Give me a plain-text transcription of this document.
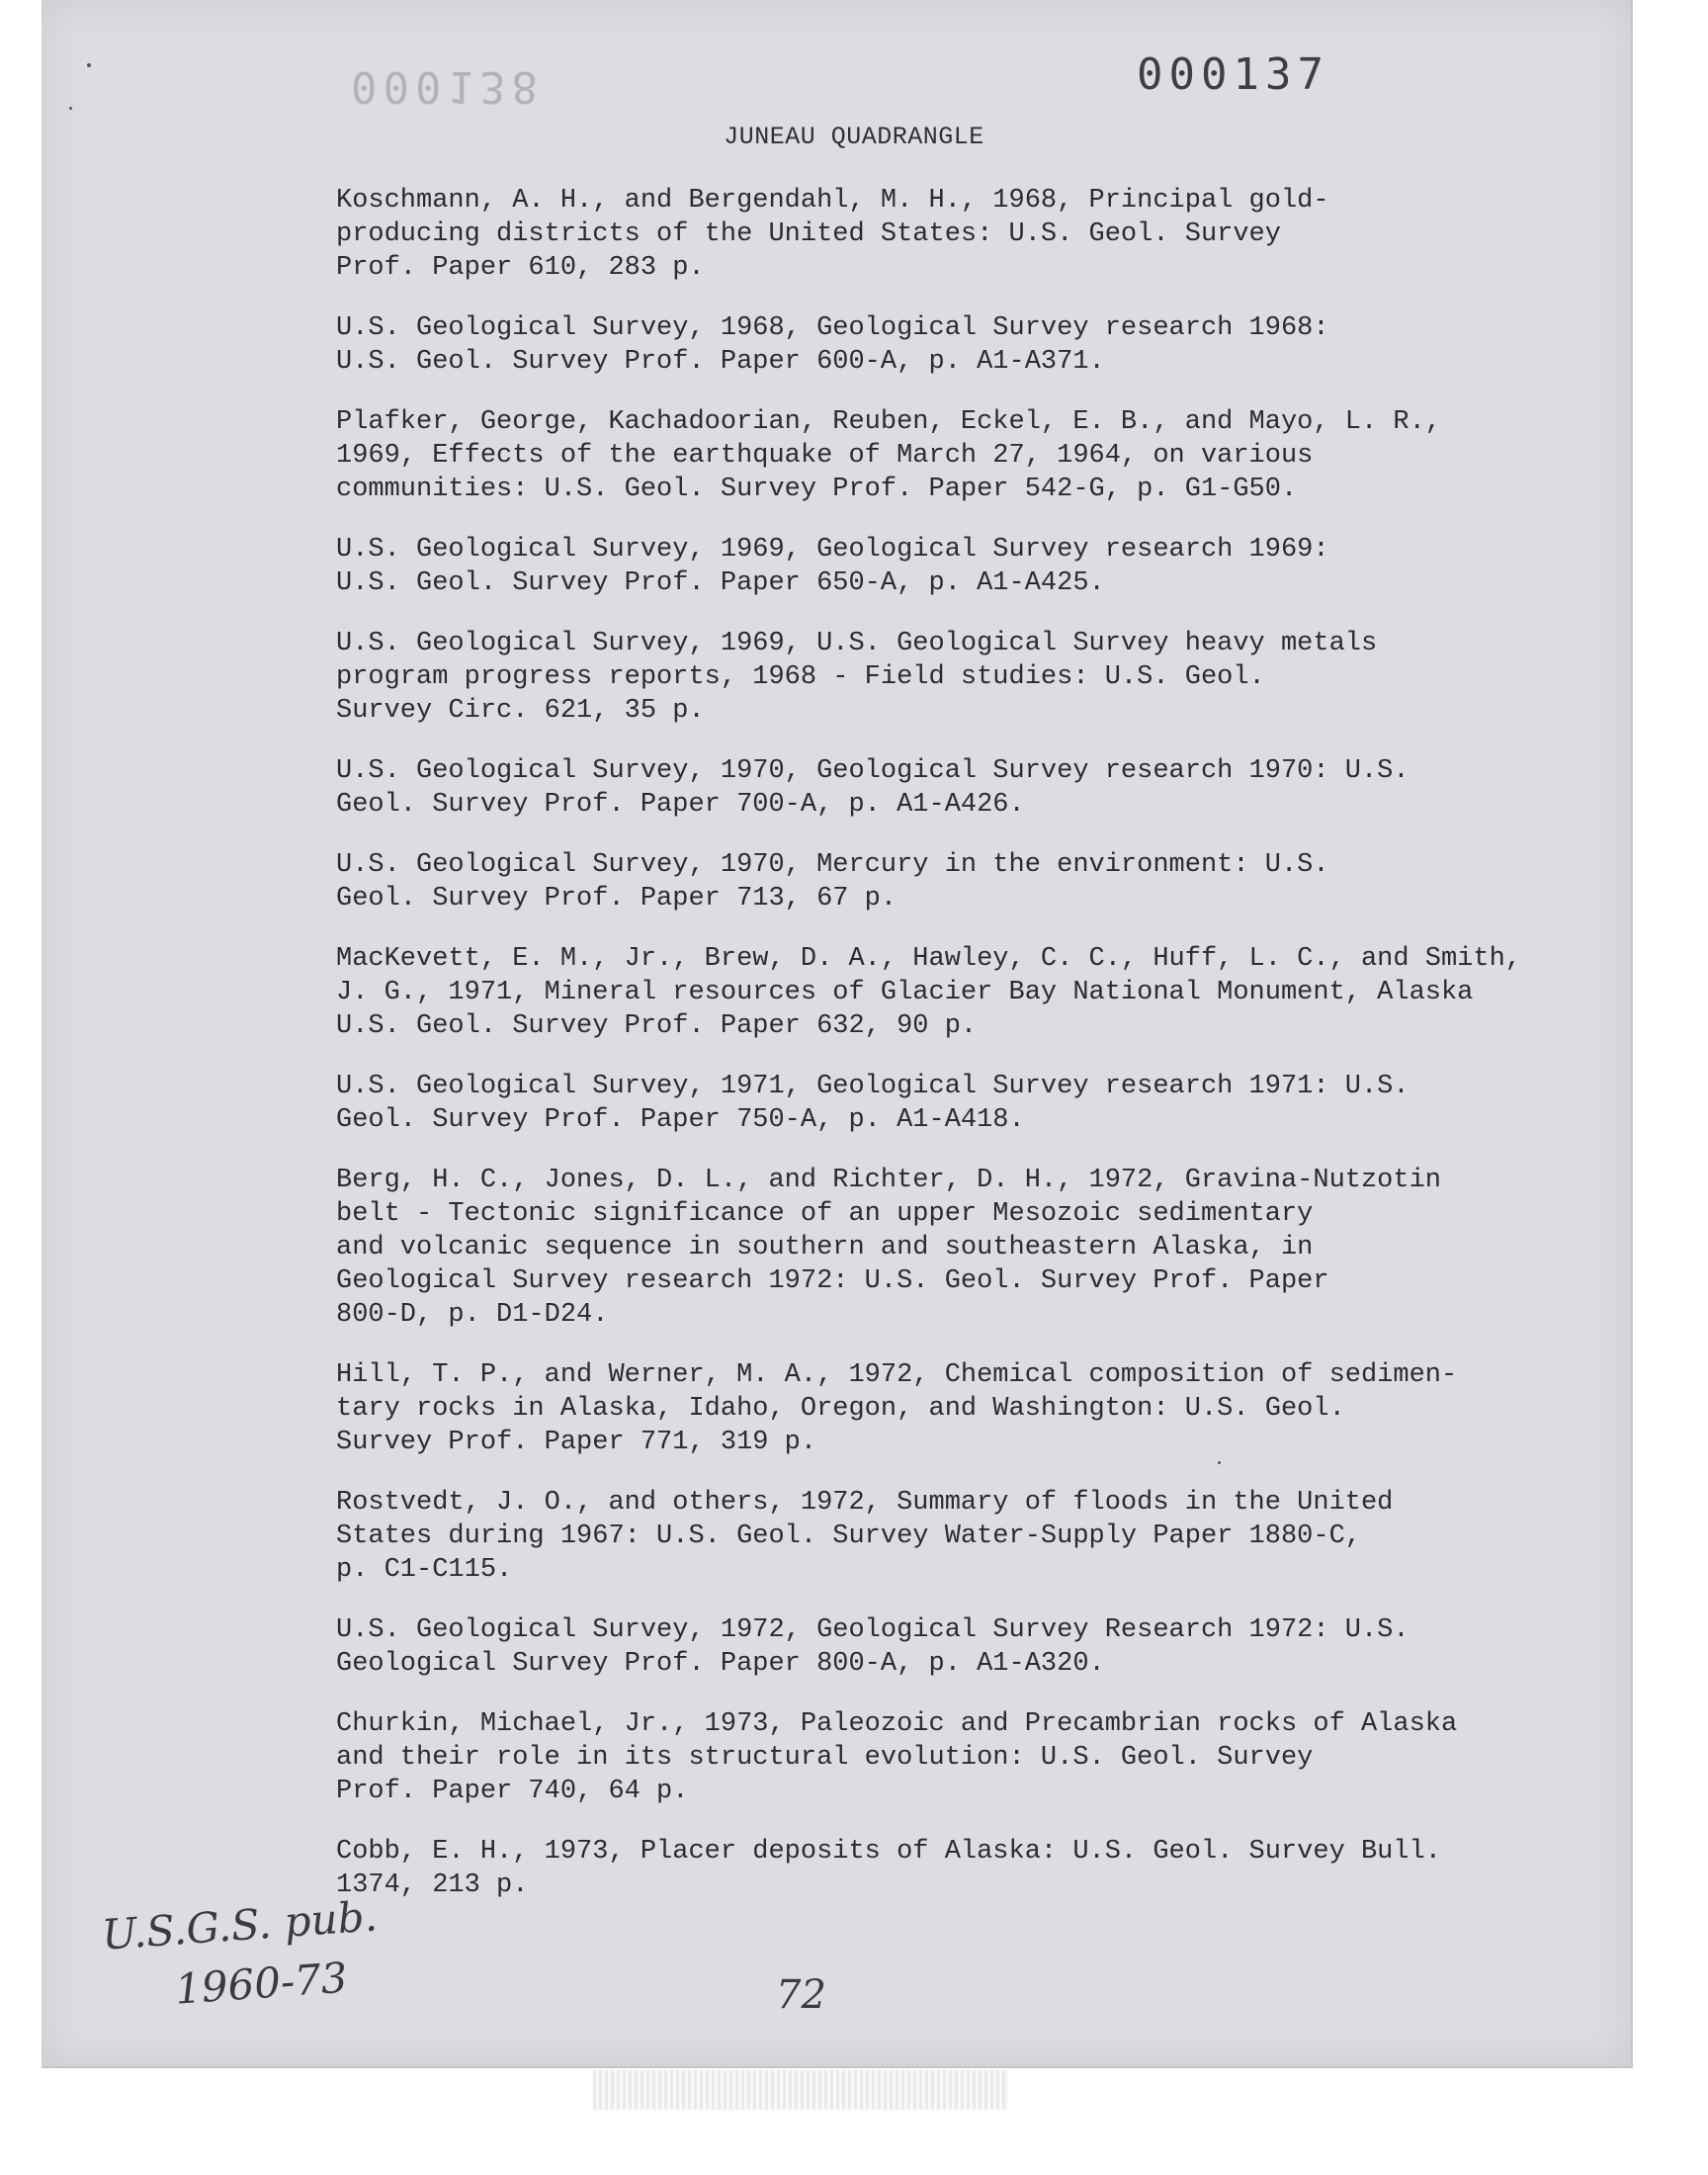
000138	000137
JUNEAU QUADRANGLE
Koschmann, A. H., and Bergendahl, M. H., 1968, Principal gold-
producing districts of the United States: U.S. Geol. Survey
Prof. Paper 610, 283 p.
U.S. Geological Survey, 1968, Geological Survey research 1968:
U.S. Geol. Survey Prof. Paper 600-A, p. A1-A371.
Plafker, George, Kachadoorian, Reuben, Eckel, E. B., and Mayo, L. R.,
1969, Effects of the earthquake of March 27, 1964, on various
communities: U.S. Geol. Survey Prof. Paper 542-G, p. G1-G50.
U.S. Geological Survey, 1969, Geological Survey research 1969:
U.S. Geol. Survey Prof. Paper 650-A, p. A1-A425.
U.S. Geological Survey, 1969, U.S. Geological Survey heavy metals
program progress reports, 1968 - Field studies: U.S. Geol.
Survey Circ. 621, 35 p.
U.S. Geological Survey, 1970, Geological Survey research 1970: U.S.
Geol. Survey Prof. Paper 700-A, p. A1-A426.
U.S. Geological Survey, 1970, Mercury in the environment: U.S.
Geol. Survey Prof. Paper 713, 67 p.
MacKevett, E. M., Jr., Brew, D. A., Hawley, C. C., Huff, L. C., and Smith,
J. G., 1971, Mineral resources of Glacier Bay National Monument, Alaska
U.S. Geol. Survey Prof. Paper 632, 90 p.
U.S. Geological Survey, 1971, Geological Survey research 1971: U.S.
Geol. Survey Prof. Paper 750-A, p. A1-A418.
Berg, H. C., Jones, D. L., and Richter, D. H., 1972, Gravina-Nutzotin
belt - Tectonic significance of an upper Mesozoic sedimentary
and volcanic sequence in southern and southeastern Alaska, in
Geological Survey research 1972: U.S. Geol. Survey Prof. Paper
800-D, p. D1-D24.
Hill, T. P., and Werner, M. A., 1972, Chemical composition of sedimen-
tary rocks in Alaska, Idaho, Oregon, and Washington: U.S. Geol.
Survey Prof. Paper 771, 319 p.
Rostvedt, J. O., and others, 1972, Summary of floods in the United
States during 1967: U.S. Geol. Survey Water-Supply Paper 1880-C,
p. C1-C115.
U.S. Geological Survey, 1972, Geological Survey Research 1972: U.S.
Geological Survey Prof. Paper 800-A, p. A1-A320.
Churkin, Michael, Jr., 1973, Paleozoic and Precambrian rocks of Alaska
and their role in its structural evolution: U.S. Geol. Survey
Prof. Paper 740, 64 p.
Cobb, E. H., 1973, Placer deposits of Alaska: U.S. Geol. Survey Bull.
1374, 213 p.
U.S.G.S. pub.
1960-73	72
